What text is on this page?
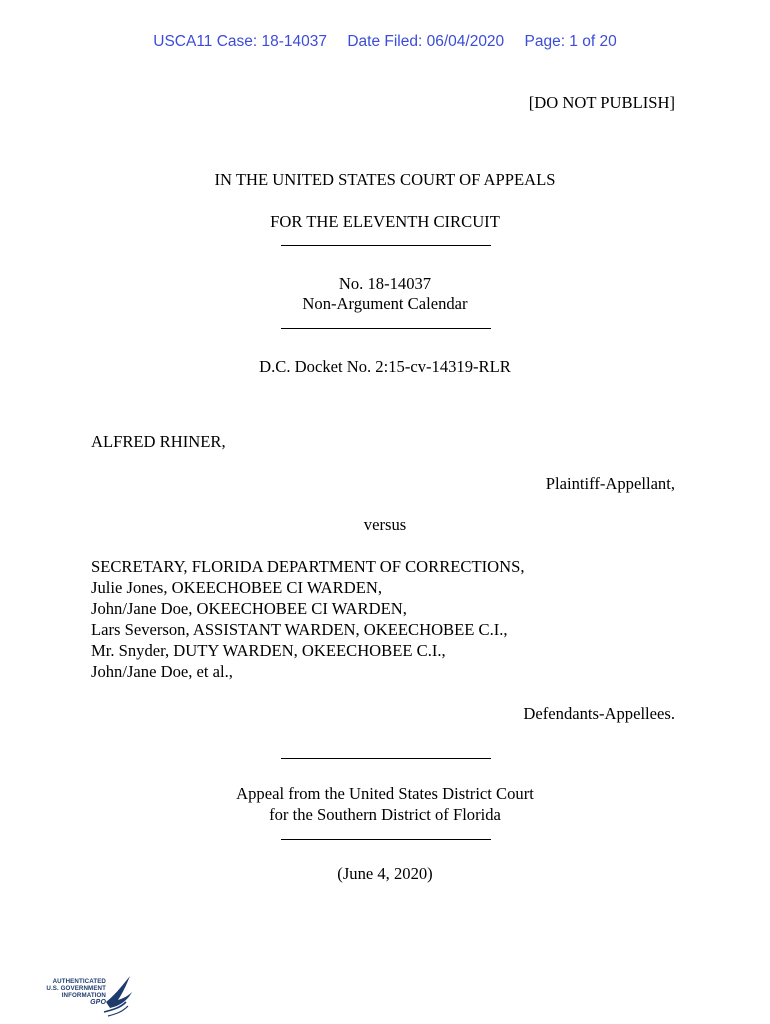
USCA11 Case: 18-14037 Date Filed: 06/04/2020 Page: 1 of 20
[DO NOT PUBLISH]
IN THE UNITED STATES COURT OF APPEALS
FOR THE ELEVENTH CIRCUIT
No. 18-14037
Non-Argument Calendar
D.C. Docket No. 2:15-cv-14319-RLR
ALFRED RHINER,
Plaintiff-Appellant,
versus
SECRETARY, FLORIDA DEPARTMENT OF CORRECTIONS,
Julie Jones, OKEECHOBEE CI WARDEN,
John/Jane Doe, OKEECHOBEE CI WARDEN,
Lars Severson, ASSISTANT WARDEN, OKEECHOBEE C.I.,
Mr. Snyder, DUTY WARDEN, OKEECHOBEE C.I.,
John/Jane Doe, et al.,
Defendants-Appellees.
Appeal from the United States District Court
for the Southern District of Florida
(June 4, 2020)
AUTHENTICATED
U.S. GOVERNMENT
INFORMATION
GPO
